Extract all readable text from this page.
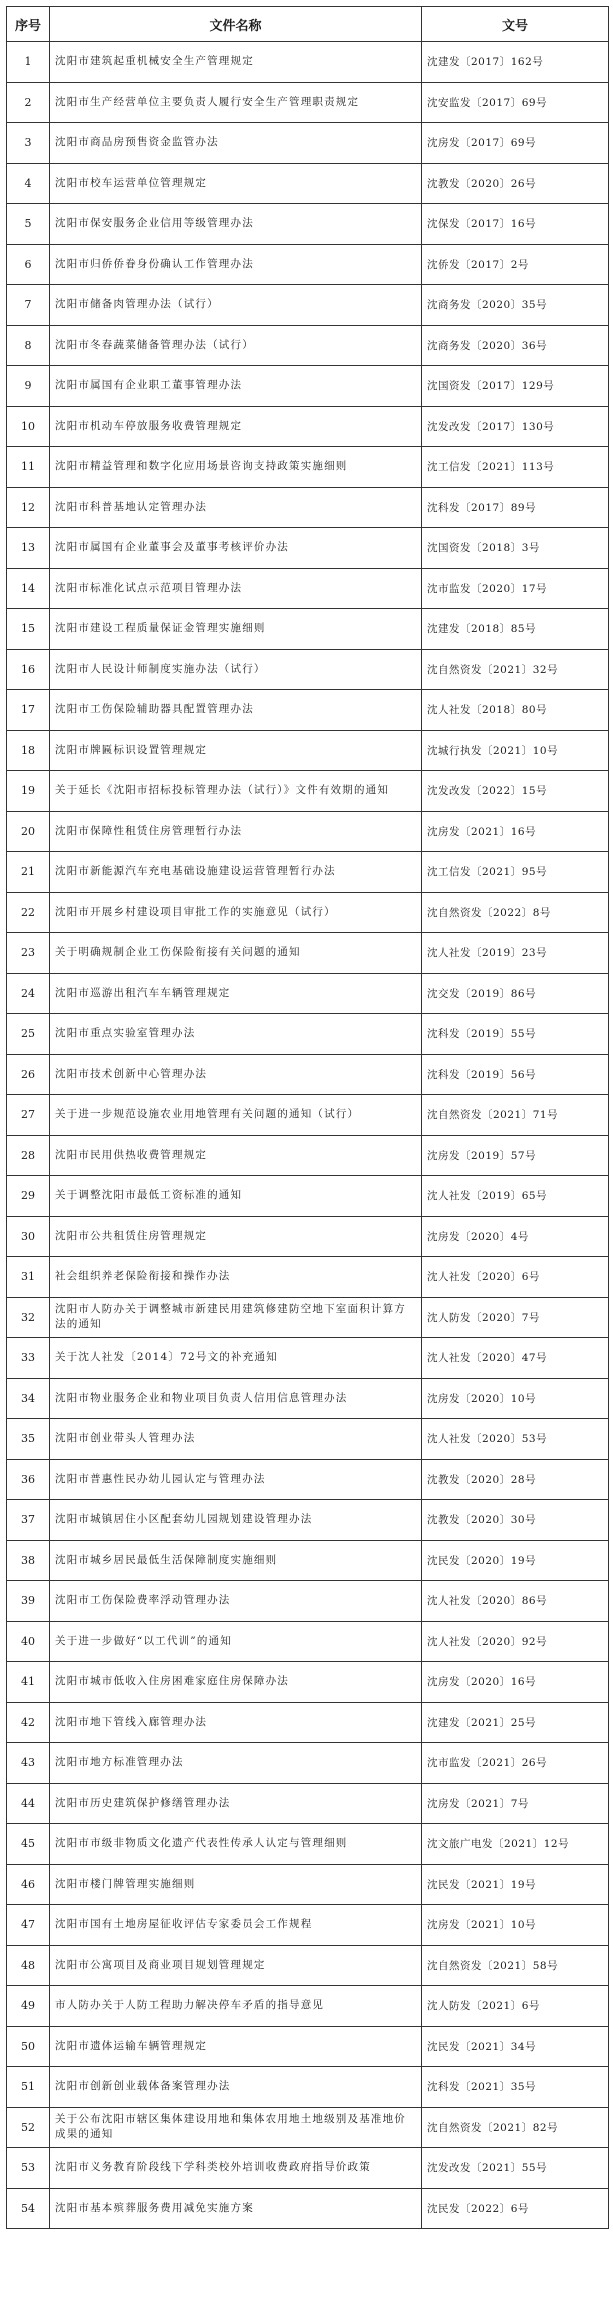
序号	文件名称	文号
1	沈阳市建筑起重机械安全生产管理规定	沈建发〔2017〕162号
2	沈阳市生产经营单位主要负责人履行安全生产管理职责规定	沈安监发〔2017〕69号
3	沈阳市商品房预售资金监管办法	沈房发〔2017〕69号
4	沈阳市校车运营单位管理规定	沈教发〔2020〕26号
5	沈阳市保安服务企业信用等级管理办法	沈保发〔2017〕16号
6	沈阳市归侨侨眷身份确认工作管理办法	沈侨发〔2017〕2号
7	沈阳市储备肉管理办法（试行）	沈商务发〔2020〕35号
8	沈阳市冬春蔬菜储备管理办法（试行）	沈商务发〔2020〕36号
9	沈阳市属国有企业职工董事管理办法	沈国资发〔2017〕129号
10	沈阳市机动车停放服务收费管理规定	沈发改发〔2017〕130号
11	沈阳市精益管理和数字化应用场景咨询支持政策实施细则	沈工信发〔2021〕113号
12	沈阳市科普基地认定管理办法	沈科发〔2017〕89号
13	沈阳市属国有企业董事会及董事考核评价办法	沈国资发〔2018〕3号
14	沈阳市标准化试点示范项目管理办法	沈市监发〔2020〕17号
15	沈阳市建设工程质量保证金管理实施细则	沈建发〔2018〕85号
16	沈阳市人民设计师制度实施办法（试行）	沈自然资发〔2021〕32号
17	沈阳市工伤保险辅助器具配置管理办法	沈人社发〔2018〕80号
18	沈阳市牌匾标识设置管理规定	沈城行执发〔2021〕10号
19	关于延长《沈阳市招标投标管理办法（试行）》文件有效期的通知	沈发改发〔2022〕15号
20	沈阳市保障性租赁住房管理暂行办法	沈房发〔2021〕16号
21	沈阳市新能源汽车充电基础设施建设运营管理暂行办法	沈工信发〔2021〕95号
22	沈阳市开展乡村建设项目审批工作的实施意见（试行）	沈自然资发〔2022〕8号
23	关于明确规制企业工伤保险衔接有关问题的通知	沈人社发〔2019〕23号
24	沈阳市巡游出租汽车车辆管理规定	沈交发〔2019〕86号
25	沈阳市重点实验室管理办法	沈科发〔2019〕55号
26	沈阳市技术创新中心管理办法	沈科发〔2019〕56号
27	关于进一步规范设施农业用地管理有关问题的通知（试行）	沈自然资发〔2021〕71号
28	沈阳市民用供热收费管理规定	沈房发〔2019〕57号
29	关于调整沈阳市最低工资标准的通知	沈人社发〔2019〕65号
30	沈阳市公共租赁住房管理规定	沈房发〔2020〕4号
31	社会组织养老保险衔接和操作办法	沈人社发〔2020〕6号
32	沈阳市人防办关于调整城市新建民用建筑修建防空地下室面积计算方法的通知	沈人防发〔2020〕7号
33	关于沈人社发〔2014〕72号文的补充通知	沈人社发〔2020〕47号
34	沈阳市物业服务企业和物业项目负责人信用信息管理办法	沈房发〔2020〕10号
35	沈阳市创业带头人管理办法	沈人社发〔2020〕53号
36	沈阳市普惠性民办幼儿园认定与管理办法	沈教发〔2020〕28号
37	沈阳市城镇居住小区配套幼儿园规划建设管理办法	沈教发〔2020〕30号
38	沈阳市城乡居民最低生活保障制度实施细则	沈民发〔2020〕19号
39	沈阳市工伤保险费率浮动管理办法	沈人社发〔2020〕86号
40	关于进一步做好“以工代训”的通知	沈人社发〔2020〕92号
41	沈阳市城市低收入住房困难家庭住房保障办法	沈房发〔2020〕16号
42	沈阳市地下管线入廊管理办法	沈建发〔2021〕25号
43	沈阳市地方标准管理办法	沈市监发〔2021〕26号
44	沈阳市历史建筑保护修缮管理办法	沈房发〔2021〕7号
45	沈阳市市级非物质文化遗产代表性传承人认定与管理细则	沈文旅广电发〔2021〕12号
46	沈阳市楼门牌管理实施细则	沈民发〔2021〕19号
47	沈阳市国有土地房屋征收评估专家委员会工作规程	沈房发〔2021〕10号
48	沈阳市公寓项目及商业项目规划管理规定	沈自然资发〔2021〕58号
49	市人防办关于人防工程助力解决停车矛盾的指导意见	沈人防发〔2021〕6号
50	沈阳市遗体运输车辆管理规定	沈民发〔2021〕34号
51	沈阳市创新创业载体备案管理办法	沈科发〔2021〕35号
52	关于公布沈阳市辖区集体建设用地和集体农用地土地级别及基准地价成果的通知	沈自然资发〔2021〕82号
53	沈阳市义务教育阶段线下学科类校外培训收费政府指导价政策	沈发改发〔2021〕55号
54	沈阳市基本殡葬服务费用减免实施方案	沈民发〔2022〕6号
